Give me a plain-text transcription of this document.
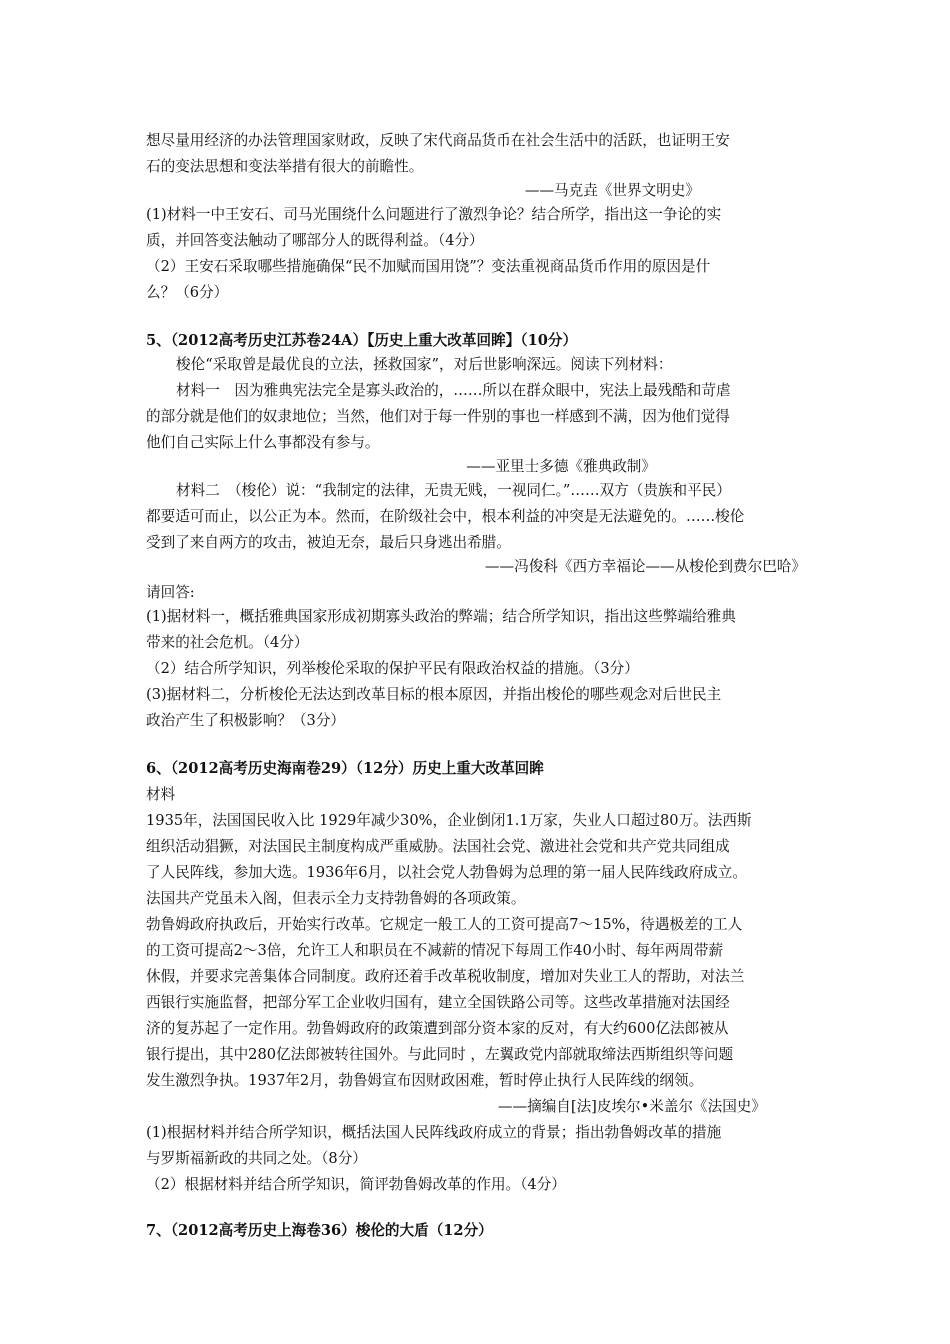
想尽量用经济的办法管理国家财政，反映了宋代商品货币在社会生活中的活跃，也证明王安
石的变法思想和变法举措有很大的前瞻性。
——马克垚《世界文明史》
(1)材料一中王安石、司马光围绕什么问题进行了激烈争论？结合所学，指出这一争论的实
质，并回答变法触动了哪部分人的既得利益。（4分）
（2）王安石采取哪些措施确保“民不加赋而国用饶”？变法重视商品货币作用的原因是什
么？（6分）
5、（2012高考历史江苏卷24A）【历史上重大改革回眸】（10分）
梭伦“采取曾是最优良的立法，拯救国家”，对后世影响深远。阅读下列材料：
材料一　因为雅典宪法完全是寡头政治的，……所以在群众眼中，宪法上最残酷和苛虐
的部分就是他们的奴隶地位；当然，他们对于每一件别的事也一样感到不满，因为他们觉得
他们自己实际上什么事都没有参与。
——亚里士多德《雅典政制》
材料二　（梭伦）说：“我制定的法律，无贵无贱，一视同仁。”……双方（贵族和平民）
都要适可而止，以公正为本。然而，在阶级社会中，根本利益的冲突是无法避免的。……梭伦
受到了来自两方的攻击，被迫无奈，最后只身逃出希腊。
——冯俊科《西方幸福论——从梭伦到费尔巴哈》
请回答:
(1)据材料一，概括雅典国家形成初期寡头政治的弊端；结合所学知识，指出这些弊端给雅典
带来的社会危机。（4分）
（2）结合所学知识，列举梭伦采取的保护平民有限政治权益的措施。（3分）
(3)据材料二，分析梭伦无法达到改革目标的根本原因，并指出梭伦的哪些观念对后世民主
政治产生了积极影响？（3分）
6、（2012高考历史海南卷29）（12分）历史上重大改革回眸
材料
1935年，法国国民收入比 1929年减少30%，企业倒闭1.1万家，失业人口超过80万。法西斯
组织活动猖獗，对法国民主制度构成严重威胁。法国社会党、激进社会党和共产党共同组成
了人民阵线，参加大选。1936年6月，以社会党人勃鲁姆为总理的第一届人民阵线政府成立。
法国共产党虽未入阁，但表示全力支持勃鲁姆的各项政策。
勃鲁姆政府执政后，开始实行改革。它规定一般工人的工资可提高7～15%，待遇极差的工人
的工资可提高2～3倍，允许工人和职员在不减薪的情况下每周工作40小时、每年两周带薪
休假，并要求完善集体合同制度。政府还着手改革税收制度，增加对失业工人的帮助，对法兰
西银行实施监督，把部分军工企业收归国有，建立全国铁路公司等。这些改革措施对法国经
济的复苏起了一定作用。勃鲁姆政府的政策遭到部分资本家的反对，有大约600亿法郎被从
银行提出，其中280亿法郎被转往国外。与此同时 ，左翼政党内部就取缔法西斯组织等问题
发生激烈争执。1937年2月，勃鲁姆宣布因财政困难，暂时停止执行人民阵线的纲领。
——摘编自[法]皮埃尔•米盖尔《法国史》
(1)根据材料并结合所学知识，概括法国人民阵线政府成立的背景；指出勃鲁姆改革的措施
与罗斯福新政的共同之处。（8分）
（2）根据材料并结合所学知识，简评勃鲁姆改革的作用。（4分）
7、（2012高考历史上海卷36）梭伦的大盾（12分）
